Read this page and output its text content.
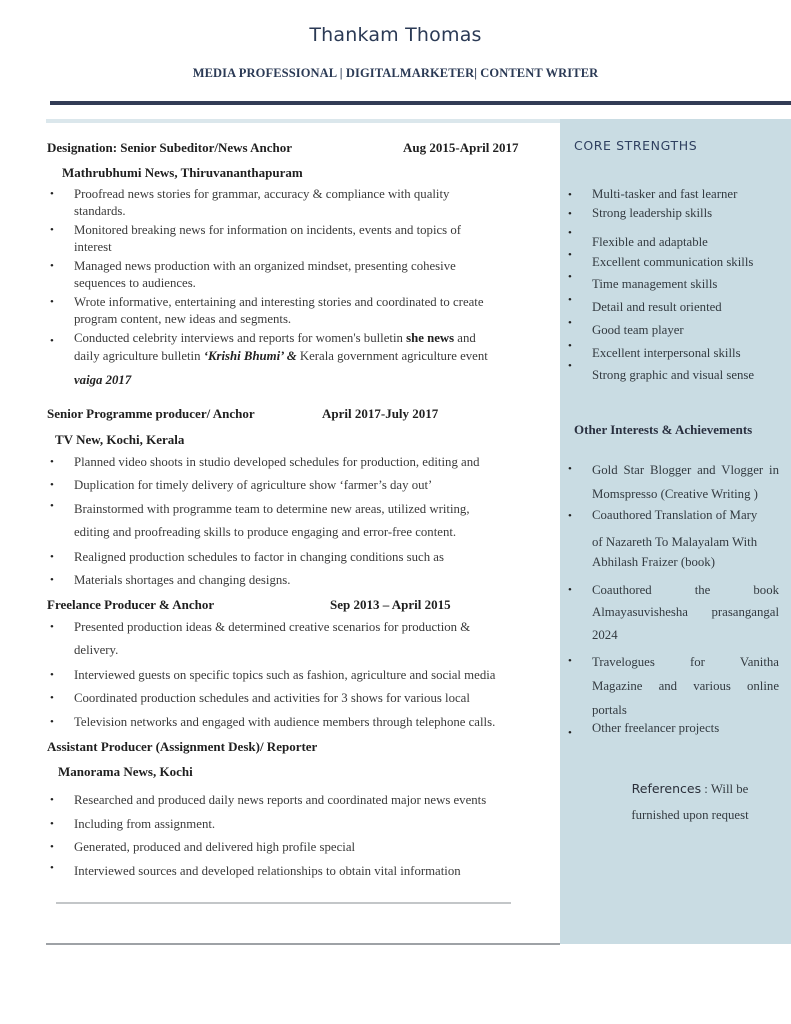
Thankam Thomas
MEDIA PROFESSIONAL | DIGITALMARKETER| CONTENT WRITER
Designation: Senior Subeditor/News Anchor	Aug 2015-April 2017
Mathrubhumi News, Thiruvananthapuram
• Proofread news stories for grammar, accuracy & compliance with quality
standards.
• Monitored breaking news for information on incidents, events and topics of
interest
• Managed news production with an organized mindset, presenting cohesive
sequences to audiences.
• Wrote informative, entertaining and interesting stories and coordinated to create
program content, new ideas and segments.
• Conducted celebrity interviews and reports for women's bulletin she news and
daily agriculture bulletin ‘Krishi Bhumi’ & Kerala government agriculture event
vaiga 2017
Senior Programme producer/ Anchor	April 2017-July 2017
TV New, Kochi, Kerala
• Planned video shoots in studio developed schedules for production, editing and
• Duplication for timely delivery of agriculture show ‘farmer’s day out’
• Brainstormed with programme team to determine new areas, utilized writing,
editing and proofreading skills to produce engaging and error-free content.
• Realigned production schedules to factor in changing conditions such as
• Materials shortages and changing designs.
Freelance Producer & Anchor	Sep 2013 – April 2015
• Presented production ideas & determined creative scenarios for production &
delivery.
• Interviewed guests on specific topics such as fashion, agriculture and social media
• Coordinated production schedules and activities for 3 shows for various local
• Television networks and engaged with audience members through telephone calls.
Assistant Producer (Assignment Desk)/ Reporter
Manorama News, Kochi
• Researched and produced daily news reports and coordinated major news events
• Including from assignment.
• Generated, produced and delivered high profile special
• Interviewed sources and developed relationships to obtain vital information
CORE STRENGTHS
• Multi-tasker and fast learner
• Strong leadership skills
•
•
Flexible and adaptable
Excellent communication skills
• Time management skills
• Detail and result oriented
• Good team player
• Excellent interpersonal skills
•
Strong graphic and visual sense
Other Interests & Achievements
• Gold Star Blogger and Vlogger in
Momspresso (Creative Writing )
• Coauthored Translation of Mary
of Nazareth To Malayalam With
Abhilash Fraizer (book)
• Coauthored the book
Almayasuvishesha prasangangal
2024
• Travelogues for Vanitha
Magazine and various online
portals
• Other freelancer projects
References : Will be
furnished upon request
